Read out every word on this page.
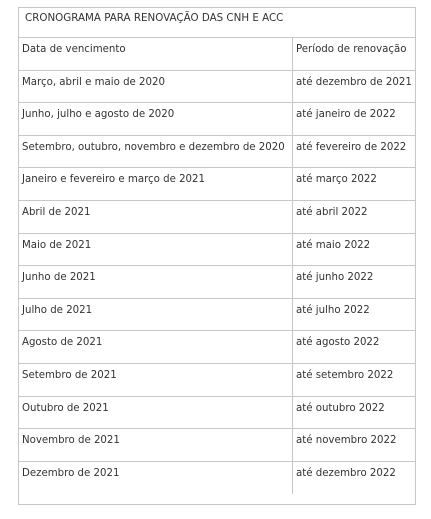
CRONOGRAMA PARA RENOVAÇÃO DAS CNH E ACC
Data de vencimento	Período de renovação
Março, abril e maio de 2020	até dezembro de 2021
Junho, julho e agosto de 2020	até janeiro de 2022
Setembro, outubro, novembro e dezembro de 2020	até fevereiro de 2022
Janeiro e fevereiro e março de 2021	até março 2022
Abril de 2021	até abril 2022
Maio de 2021	até maio 2022
Junho de 2021	até junho 2022
Julho de 2021	até julho 2022
Agosto de 2021	até agosto 2022
Setembro de 2021	até setembro 2022
Outubro de 2021	até outubro 2022
Novembro de 2021	até novembro 2022
Dezembro de 2021	até dezembro 2022
